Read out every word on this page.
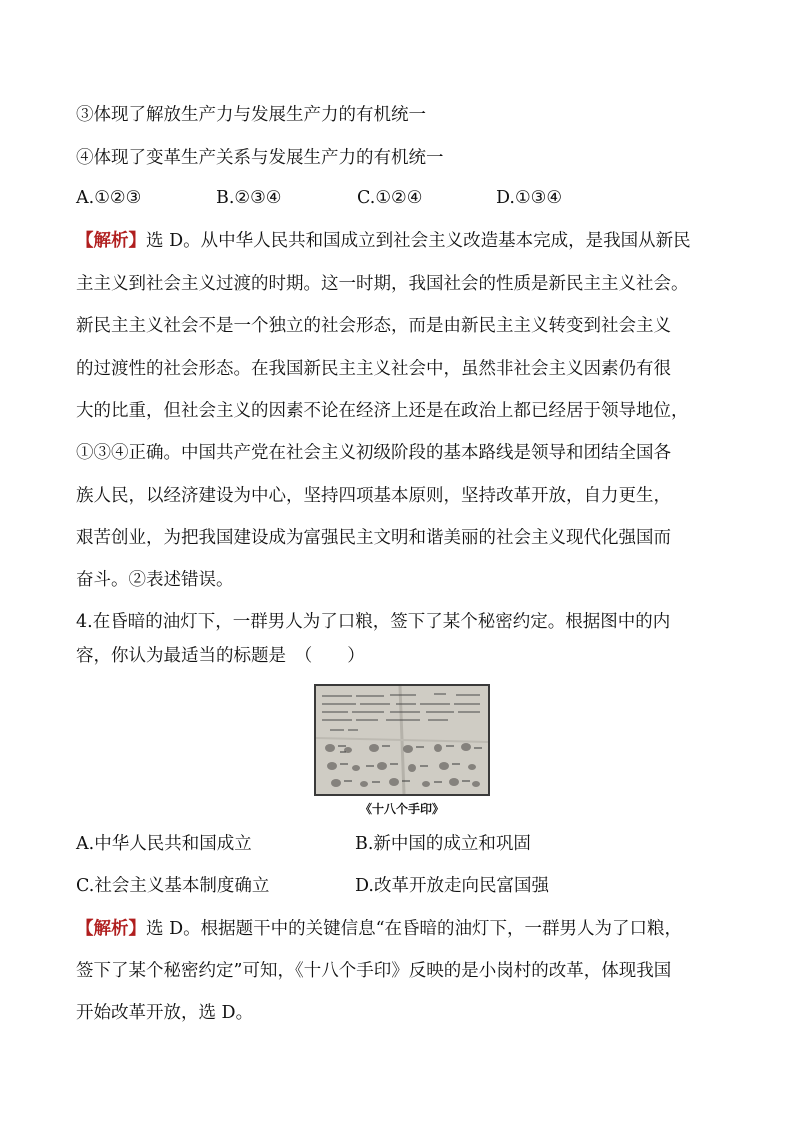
③体现了解放生产力与发展生产力的有机统一
④体现了变革生产关系与发展生产力的有机统一
A.①②③	B.②③④	C.①②④	D.①③④
【解析】选 D。从中华人民共和国成立到社会主义改造基本完成，是我国从新民
主主义到社会主义过渡的时期。这一时期，我国社会的性质是新民主主义社会。
新民主主义社会不是一个独立的社会形态，而是由新民主主义转变到社会主义
的过渡性的社会形态。在我国新民主主义社会中，虽然非社会主义因素仍有很
大的比重，但社会主义的因素不论在经济上还是在政治上都已经居于领导地位，
①③④正确。中国共产党在社会主义初级阶段的基本路线是领导和团结全国各
族人民，以经济建设为中心，坚持四项基本原则，坚持改革开放，自力更生，
艰苦创业，为把我国建设成为富强民主文明和谐美丽的社会主义现代化强国而
奋斗。②表述错误。
4.在昏暗的油灯下，一群男人为了口粮，签下了某个秘密约定。根据图中的内
容，你认为最适当的标题是　（　　）
《十八个手印》
A.中华人民共和国成立	B.新中国的成立和巩固
C.社会主义基本制度确立	D.改革开放走向民富国强
【解析】选 D。根据题干中的关键信息“在昏暗的油灯下，一群男人为了口粮，
签下了某个秘密约定”可知，《十八个手印》反映的是小岗村的改革，体现我国
开始改革开放，选 D。
